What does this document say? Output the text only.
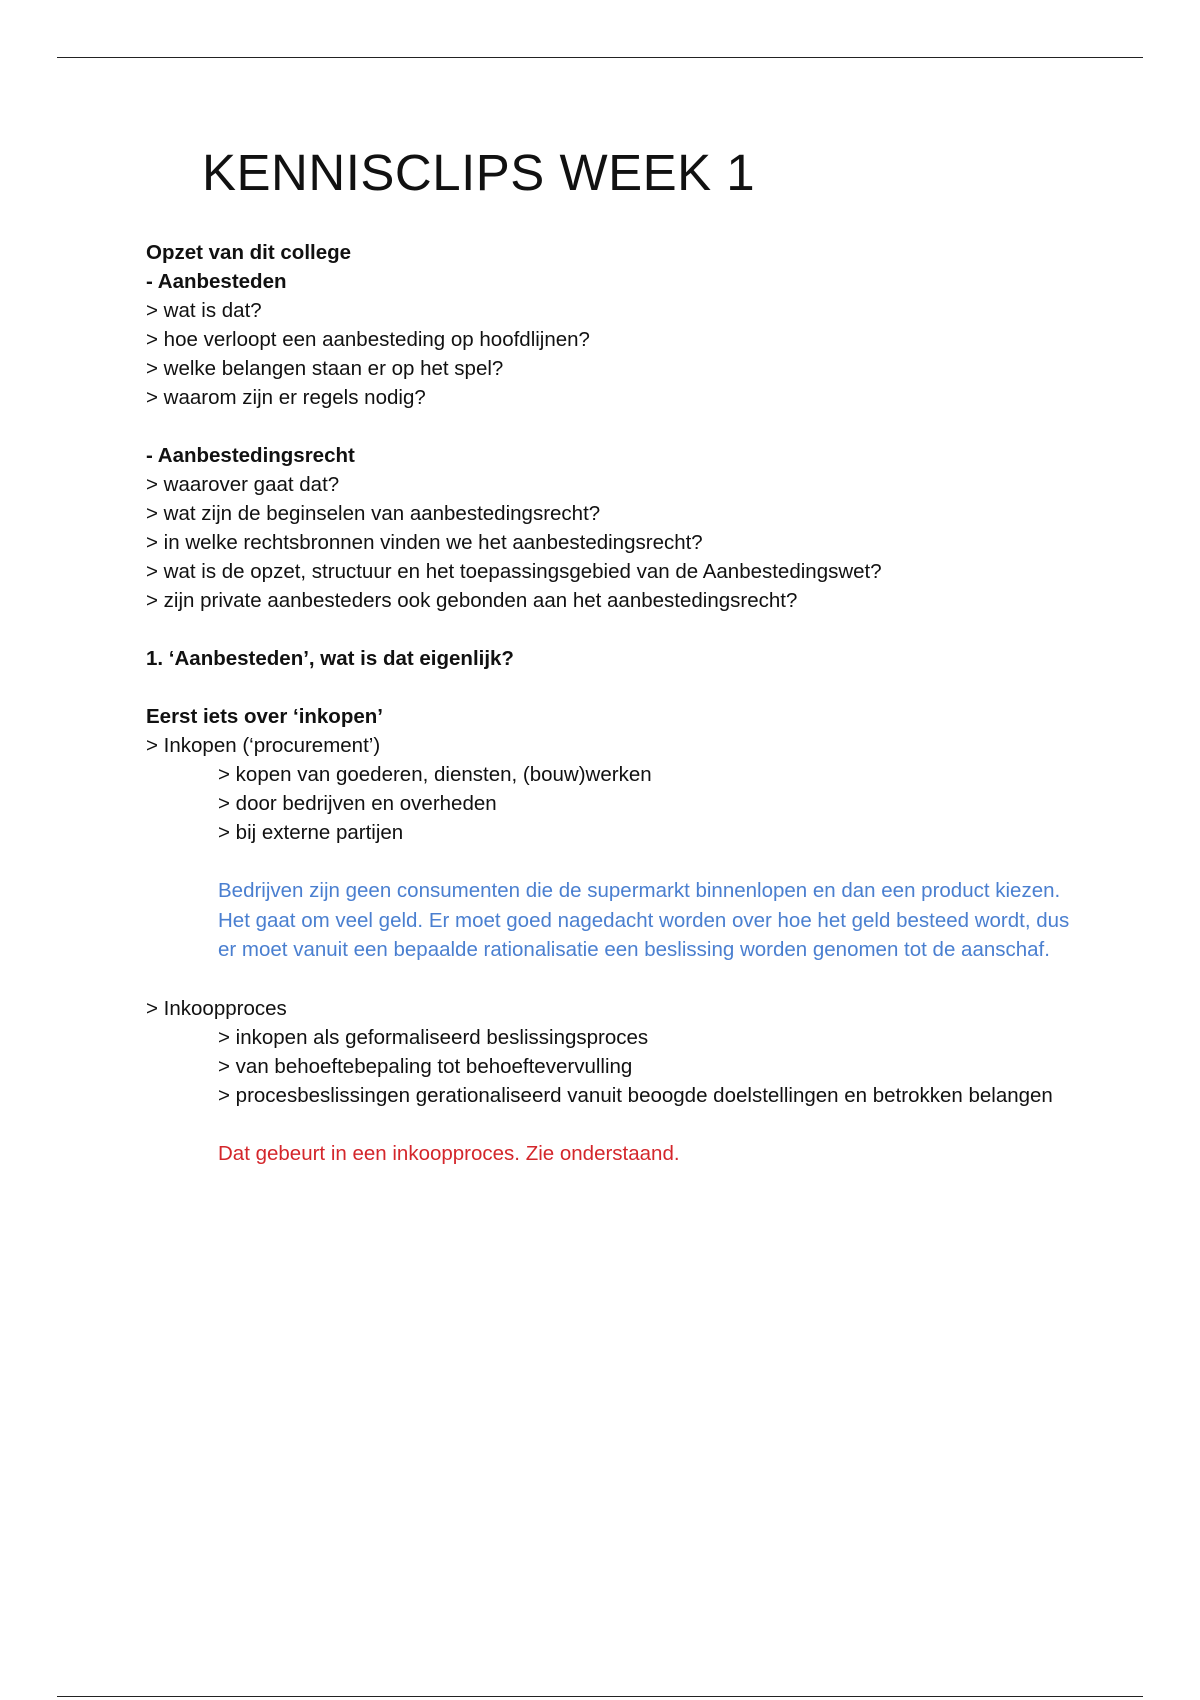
KENNISCLIPS WEEK 1
Opzet van dit college
- Aanbesteden
> wat is dat?
> hoe verloopt een aanbesteding op hoofdlijnen?
> welke belangen staan er op het spel?
> waarom zijn er regels nodig?
- Aanbestedingsrecht
> waarover gaat dat?
> wat zijn de beginselen van aanbestedingsrecht?
> in welke rechtsbronnen vinden we het aanbestedingsrecht?
> wat is de opzet, structuur en het toepassingsgebied van de Aanbestedingswet?
> zijn private aanbesteders ook gebonden aan het aanbestedingsrecht?
1. ‘Aanbesteden’, wat is dat eigenlijk?
Eerst iets over ‘inkopen’
> Inkopen (‘procurement’)
> kopen van goederen, diensten, (bouw)werken
> door bedrijven en overheden
> bij externe partijen
Bedrijven zijn geen consumenten die de supermarkt binnenlopen en dan een product kiezen. Het gaat om veel geld. Er moet goed nagedacht worden over hoe het geld besteed wordt, dus er moet vanuit een bepaalde rationalisatie een beslissing worden genomen tot de aanschaf.
> Inkoopproces
> inkopen als geformaliseerd beslissingsproces
> van behoeftebepaling tot behoeftevervulling
> procesbeslissingen gerationaliseerd vanuit beoogde doelstellingen en betrokken belangen
Dat gebeurt in een inkoopproces. Zie onderstaand.
